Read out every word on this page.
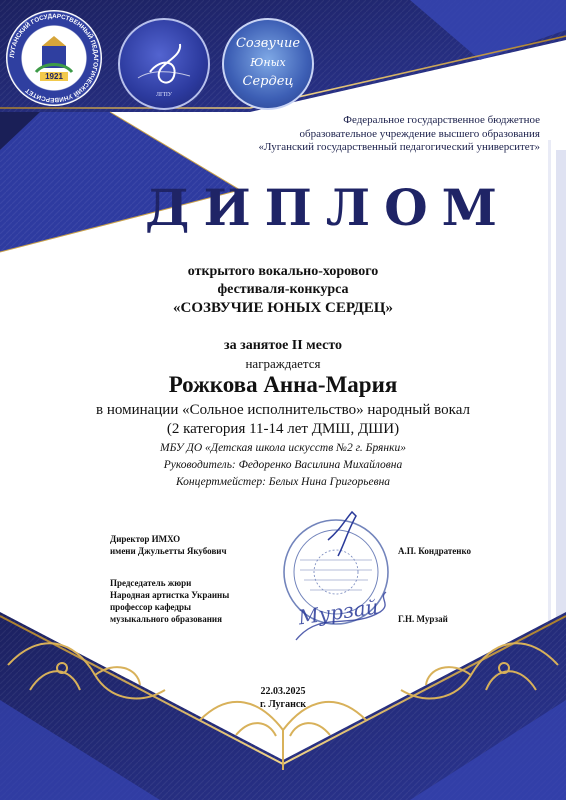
ЛУГАНСКИЙ ГОСУДАРСТВЕННЫЙ ПЕДАГОГИЧЕСКИЙ УНИВЕРСИТЕТ
1921
ЛГПУ
Созвучие
Юных
Сердец
Федеральное государственное бюджетное
образовательное учреждение высшего образования
«Луганский государственный педагогический университет»
ДИПЛОМ
открытого вокально-хорового
фестиваля-конкурса
«СОЗВУЧИЕ ЮНЫХ СЕРДЕЦ»
за занятое II место
награждается
Рожкова Анна-Мария
в номинации «Сольное исполнительство» народный вокал
(2 категория 11-14 лет ДМШ, ДШИ)
МБУ ДО «Детская школа искусств №2 г. Брянки»
Руководитель: Федоренко Василина Михайловна
Концертмейстер: Белых Нина Григорьевна
Директор ИМХО
имени Джульетты Якубович	А.П. Кондратенко
Председатель жюри
Народная артистка Украины
профессор кафедры
музыкального образования	Г.Н. Мурзай
Мурзай
22.03.2025
г. Луганск
